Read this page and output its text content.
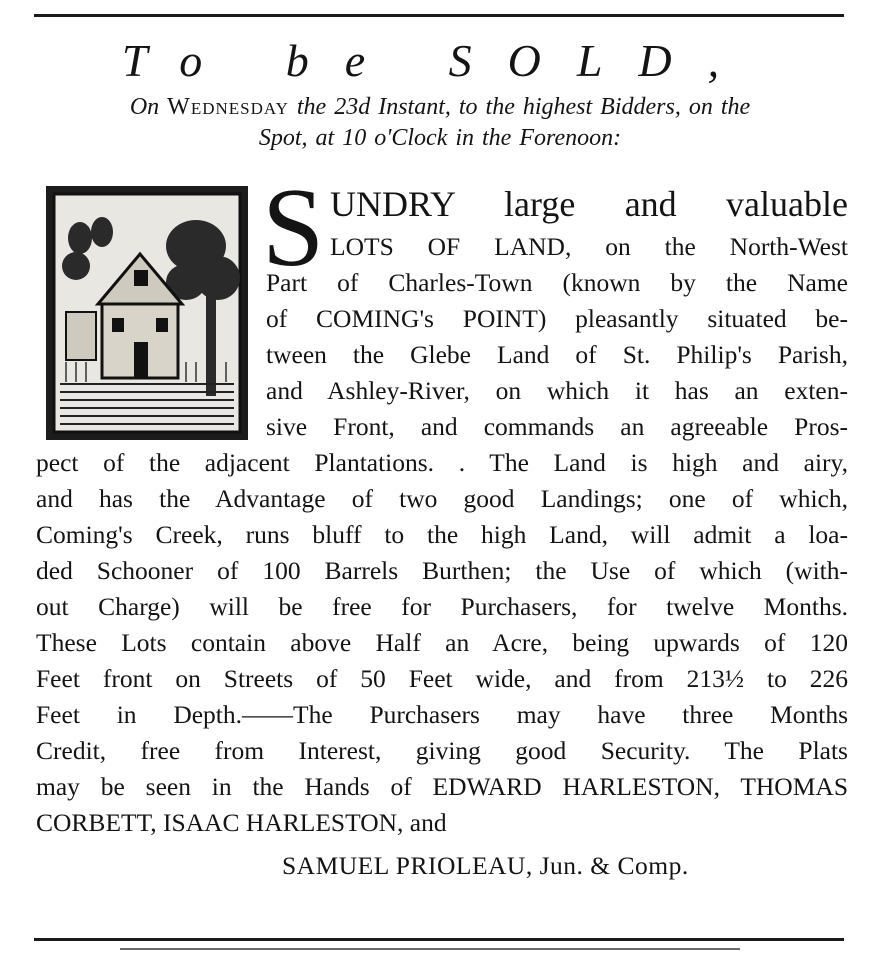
To be SOLD,
On Wednesday the 23d Instant, to the highest Bidders, on the
Spot, at 10 o'Clock in the Forenoon:
S UNDRY large and valuable
LOTS OF LAND, on the North-West
Part of Charles-Town (known by the Name
of COMING's POINT) pleasantly situated be-
tween the Glebe Land of St. Philip's Parish,
and Ashley-River, on which it has an exten-
sive Front, and commands an agreeable Pros-
pect of the adjacent Plantations. . The Land is high and airy,
and has the Advantage of two good Landings; one of which,
Coming's Creek, runs bluff to the high Land, will admit a loa-
ded Schooner of 100 Barrels Burthen; the Use of which (with-
out Charge) will be free for Purchasers, for twelve Months.
These Lots contain above Half an Acre, being upwards of 120
Feet front on Streets of 50 Feet wide, and from 213½ to 226
Feet in Depth.——The Purchasers may have three Months
Credit, free from Interest, giving good Security. The Plats
may be seen in the Hands of EDWARD HARLESTON, THOMAS
CORBETT, ISAAC HARLESTON, and
SAMUEL PRIOLEAU, Jun. & Comp.
